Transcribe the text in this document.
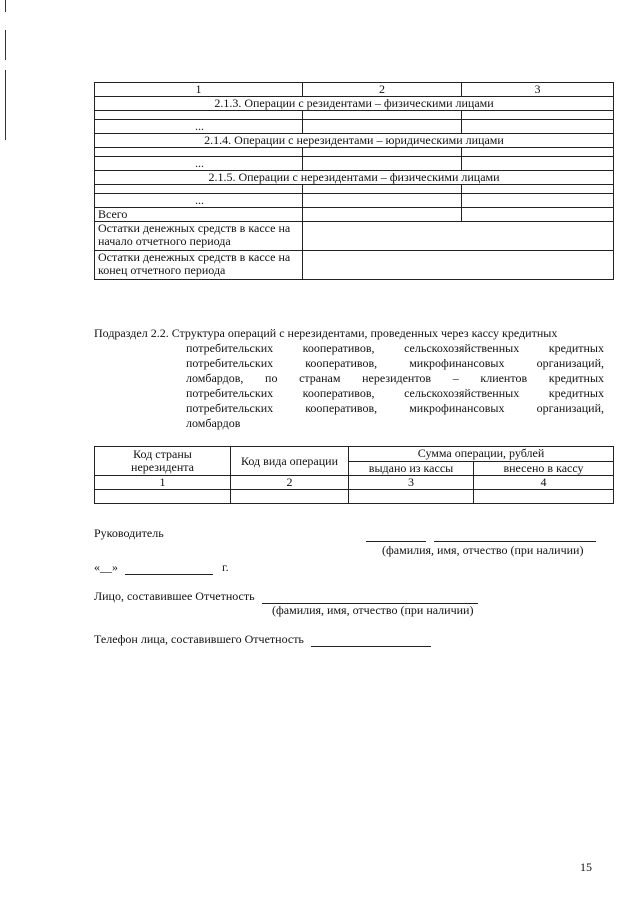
1	2	3
2.1.3. Операции с резидентами – физическими лицами		

...		
2.1.4. Операции с нерезидентами – юридическими лицами		

...		
2.1.5. Операции с нерезидентами – физическими лицами		

...		
Всего		
Остатки денежных средств в кассе на начало отчетного периода		
Остатки денежных средств в кассе на конец отчетного периода		
Подраздел 2.2. Структура операций с нерезидентами, проведенных через кассу кредитных
потребительских кооперативов, сельскохозяйственных кредитных
потребительских кооперативов, микрофинансовых организаций,
ломбардов, по странам нерезидентов – клиентов кредитных
потребительских кооперативов, сельскохозяйственных кредитных
потребительских кооперативов, микрофинансовых организаций,
ломбардов
Код страны нерезидента	Код вида операции	Сумма операции, рублей	
		выдано из кассы	внесено в кассу
1	2	3	4

Руководитель
(фамилия, имя, отчество (при наличии)
«__»	г.
Лицо, составившее Отчетность
(фамилия, имя, отчество (при наличии)
Телефон лица, составившего Отчетность
15
